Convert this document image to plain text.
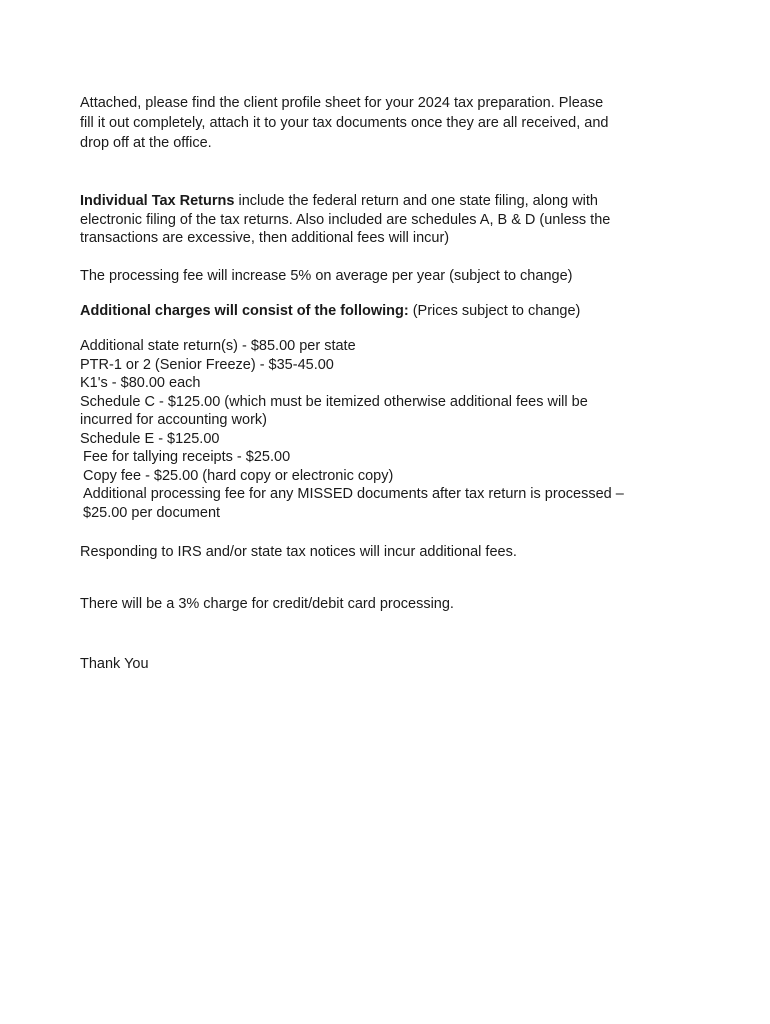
Attached, please find the client profile sheet for your 2024 tax preparation. Please
fill it out completely, attach it to your tax documents once they are all received, and
drop off at the office.
Individual Tax Returns include the federal return and one state filing, along with
electronic filing of the tax returns. Also included are schedules A, B & D (unless the
transactions are excessive, then additional fees will incur)
The processing fee will increase 5% on average per year (subject to change)
Additional charges will consist of the following: (Prices subject to change)
Additional state return(s) - $85.00 per state
PTR-1 or 2 (Senior Freeze) - $35-45.00
K1's - $80.00 each
Schedule C - $125.00 (which must be itemized otherwise additional fees will be
incurred for accounting work)
Schedule E - $125.00
Fee for tallying receipts - $25.00
Copy fee - $25.00 (hard copy or electronic copy)
Additional processing fee for any MISSED documents after tax return is processed –
$25.00 per document
Responding to IRS and/or state tax notices will incur additional fees.
There will be a 3% charge for credit/debit card processing.
Thank You
